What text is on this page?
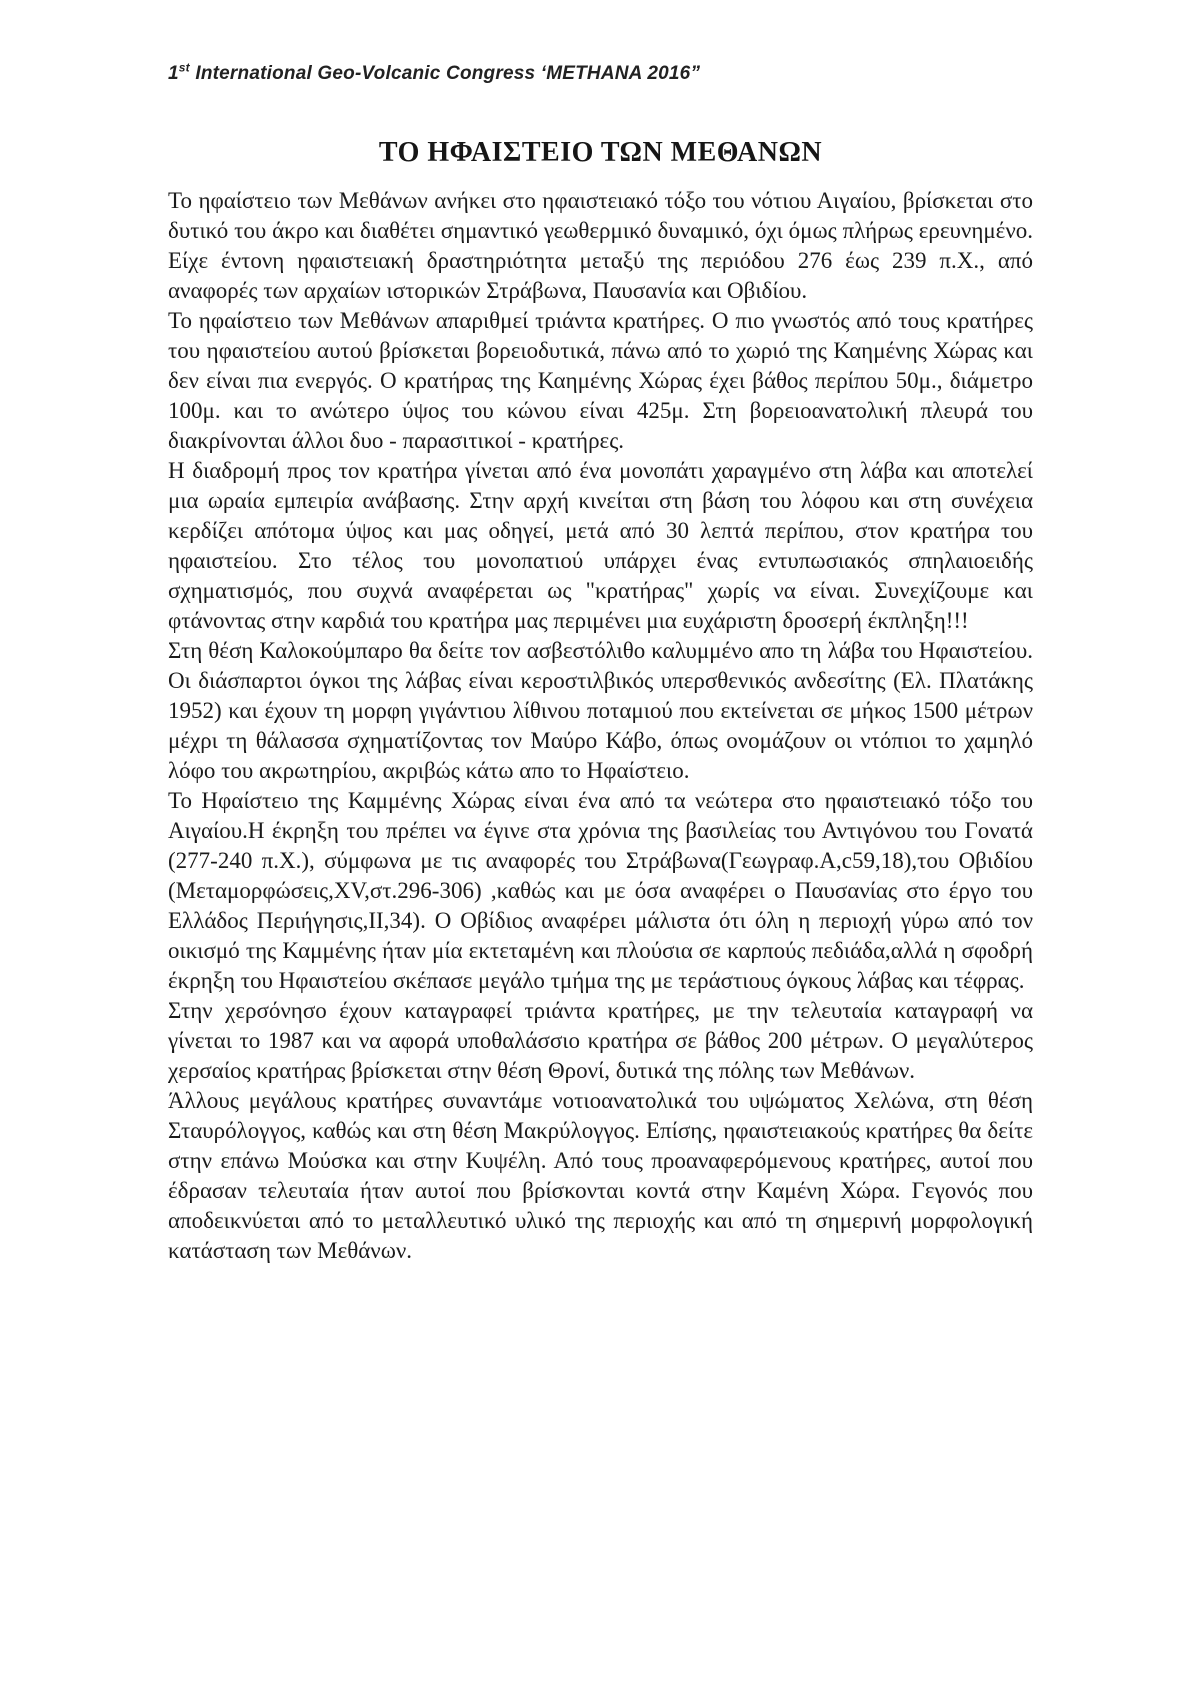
1st International Geo-Volcanic Congress ‘METHANA 2016”
ΤΟ ΗΦΑΙΣΤΕΙΟ ΤΩΝ ΜΕΘΑΝΩΝ

Το ηφαίστειο των Μεθάνων ανήκει στο ηφαιστειακό τόξο του νότιου Αιγαίου, βρίσκεται στο δυτικό του άκρο και διαθέτει σημαντικό γεωθερμικό δυναμικό, όχι όμως πλήρως ερευνημένο. Είχε έντονη ηφαιστειακή δραστηριότητα μεταξύ της περιόδου 276 έως 239 π.Χ., από αναφορές των αρχαίων ιστορικών Στράβωνα, Παυσανία και Οβιδίου.

Το ηφαίστειο των Μεθάνων απαριθμεί τριάντα κρατήρες. Ο πιο γνωστός από τους κρατήρες του ηφαιστείου αυτού βρίσκεται βορειοδυτικά, πάνω από το χωριό της Καημένης Χώρας και δεν είναι πια ενεργός. Ο κρατήρας της Καημένης Χώρας έχει βάθος περίπου 50μ., διάμετρο 100μ. και το ανώτερο ύψος του κώνου είναι 425μ. Στη βορειοανατολική πλευρά του διακρίνονται άλλοι δυο - παρασιτικοί - κρατήρες.

Η διαδρομή προς τον κρατήρα γίνεται από ένα μονοπάτι χαραγμένο στη λάβα και αποτελεί μια ωραία εμπειρία ανάβασης. Στην αρχή κινείται στη βάση του λόφου και στη συνέχεια κερδίζει απότομα ύψος και μας οδηγεί, μετά από 30 λεπτά περίπου, στον κρατήρα του ηφαιστείου. Στο τέλος του μονοπατιού υπάρχει ένας εντυπωσιακός σπηλαιοειδής σχηματισμός, που συχνά αναφέρεται ως "κρατήρας" χωρίς να είναι. Συνεχίζουμε και φτάνοντας στην καρδιά του κρατήρα μας περιμένει μια ευχάριστη δροσερή έκπληξη!!!

Στη θέση Καλοκούμπαρο θα δείτε τον ασβεστόλιθο καλυμμένο απο τη λάβα του Ηφαιστείου. Οι διάσπαρτοι όγκοι της λάβας είναι κεροστιλβικός υπερσθενικός ανδεσίτης (Ελ. Πλατάκης 1952) και έχουν τη μορφη γιγάντιου λίθινου ποταμιού που εκτείνεται σε μήκος 1500 μέτρων μέχρι τη θάλασσα σχηματίζοντας τον Μαύρο Κάβο, όπως ονομάζουν οι ντόπιοι το χαμηλό λόφο του ακρωτηρίου, ακριβώς κάτω απο το Ηφαίστειο.

Το Ηφαίστειο της Καμμένης Χώρας είναι ένα από τα νεώτερα στο ηφαιστειακό τόξο του Αιγαίου.Η έκρηξη του πρέπει να έγινε στα χρόνια της βασιλείας του Αντιγόνου του Γονατά (277-240 π.Χ.), σύμφωνα με τις αναφορές του Στράβωνα(Γεωγραφ.Α,c59,18),του Οβιδίου (Μεταμορφώσεις,XV,στ.296-306) ,καθώς και με όσα αναφέρει ο Παυσανίας στο έργο του Ελλάδος Περιήγησις,ΙΙ,34). Ο Οβίδιος αναφέρει μάλιστα ότι όλη η περιοχή γύρω από τον οικισμό της Καμμένης ήταν μία εκτεταμένη και πλούσια σε καρπούς πεδιάδα,αλλά η σφοδρή έκρηξη του Ηφαιστείου σκέπασε μεγάλο τμήμα της με τεράστιους όγκους λάβας και τέφρας.

Στην χερσόνησο έχουν καταγραφεί τριάντα κρατήρες, με την τελευταία καταγραφή να γίνεται το 1987 και να αφορά υποθαλάσσιο κρατήρα σε βάθος 200 μέτρων. Ο μεγαλύτερος χερσαίος κρατήρας βρίσκεται στην θέση Θρονί, δυτικά της πόλης των Μεθάνων.

Άλλους μεγάλους κρατήρες συναντάμε νοτιοανατολικά του υψώματος Χελώνα, στη θέση Σταυρόλογγος, καθώς και στη θέση Μακρύλογγος. Επίσης, ηφαιστειακούς κρατήρες θα δείτε στην επάνω Μούσκα και στην Κυψέλη. Από τους προαναφερόμενους κρατήρες, αυτοί που έδρασαν τελευταία ήταν αυτοί που βρίσκονται κοντά στην Καμένη Χώρα. Γεγονός που αποδεικνύεται από το μεταλλευτικό υλικό της περιοχής και από τη σημερινή μορφολογική κατάσταση των Μεθάνων.
